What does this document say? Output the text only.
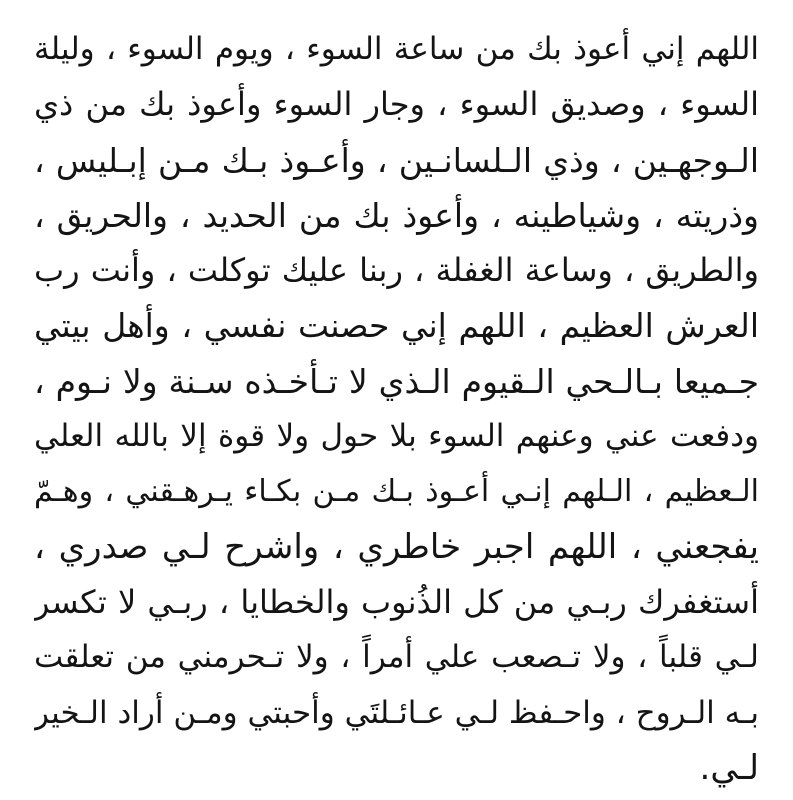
اللهم إني أعوذ بك من ساعة السوء ، ويوم السوء ، وليلة
السوء ، وصديق السوء ، وجار السوء وأعوذ بك من ذي
الـوجهـين ، وذي الـلسانـين ، وأعـوذ بـك مـن إبـليس ،
وذريته ، وشياطينه ، وأعوذ بك من الحديد ، والحريق ،
والطريق ، وساعة الغفلة ، ربنا عليك توكلت ، وأنت رب
العرش العظيم ، اللهم إني حصنت نفسي ، وأهل بيتي
جـميعا بـالـحي الـقيوم الـذي لا تـأخـذه سـنة ولا نـوم ،
ودفعت عني وعنهم السوء بلا حول ولا قوة إلا بالله العلي
الـعظيم ، الـلهم إنـي أعـوذ بـك مـن بكـاء يـرهـقني ، وهـمّ
يفجعني ، اللهم اجبر خاطري ، واشرح لـي صدري ،
أستغفرك ربـي من كل الذُنوب والخطايا ، ربـي لا تكسر
لـي قلباً ، ولا تـصعب علي أمراً ، ولا تـحرمني من تعلقت
بـه الـروح ، واحـفظ لـي عـائـلتَي وأحبتي ومـن أراد الـخير
لـي.
